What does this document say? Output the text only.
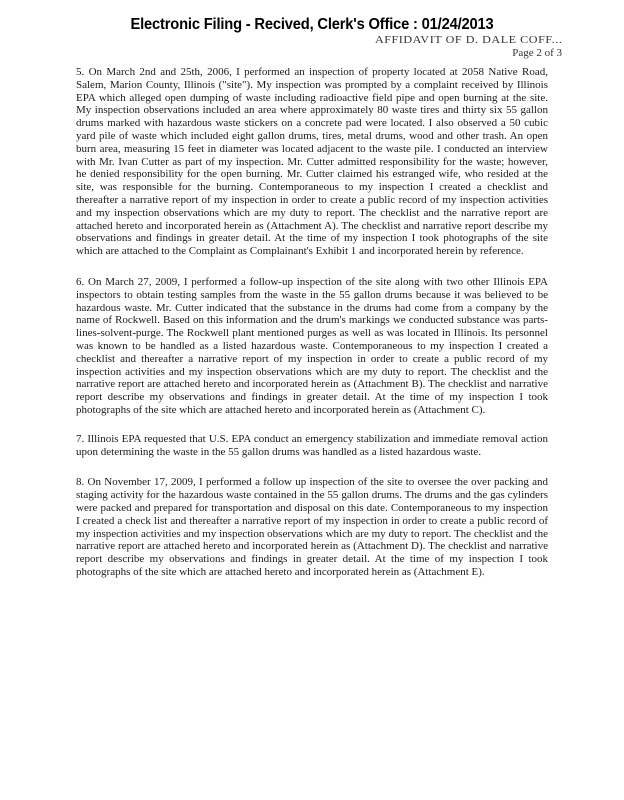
Electronic Filing - Recived, Clerk's Office : 01/24/2013
AFFIDAVIT OF D. DALE COFF...
Page 2 of 3

5. On March 2nd and 25th, 2006, I performed an inspection of property located at 2058 Native Road, Salem, Marion County, Illinois ("site"). My inspection was prompted by a complaint received by Illinois EPA which alleged open dumping of waste including radioactive field pipe and open burning at the site. My inspection observations included an area where approximately 80 waste tires and thirty six 55 gallon drums marked with hazardous waste stickers on a concrete pad were located. I also observed a 50 cubic yard pile of waste which included eight gallon drums, tires, metal drums, wood and other trash. An open burn area, measuring 15 feet in diameter was located adjacent to the waste pile. I conducted an interview with Mr. Ivan Cutter as part of my inspection. Mr. Cutter admitted responsibility for the waste; however, he denied responsibility for the open burning. Mr. Cutter claimed his estranged wife, who resided at the site, was responsible for the burning. Contemporaneous to my inspection I created a checklist and thereafter a narrative report of my inspection in order to create a public record of my inspection activities and my inspection observations which are my duty to report. The checklist and the narrative report are attached hereto and incorporated herein as (Attachment A). The checklist and narrative report describe my observations and findings in greater detail. At the time of my inspection I took photographs of the site which are attached to the Complaint as Complainant's Exhibit 1 and incorporated herein by reference.

6. On March 27, 2009, I performed a follow-up inspection of the site along with two other Illinois EPA inspectors to obtain testing samples from the waste in the 55 gallon drums because it was believed to be hazardous waste. Mr. Cutter indicated that the substance in the drums had come from a company by the name of Rockwell. Based on this information and the drum's markings we conducted substance was parts-lines-solvent-purge. The Rockwell plant mentioned purges as well as was located in Illinois. Its personnel was known to be handled as a listed hazardous waste. Contemporaneous to my inspection I created a checklist and thereafter a narrative report of my inspection in order to create a public record of my inspection activities and my inspection observations which are my duty to report. The checklist and the narrative report are attached hereto and incorporated herein as (Attachment B). The checklist and narrative report describe my observations and findings in greater detail. At the time of my inspection I took photographs of the site which are attached hereto and incorporated herein as (Attachment C).

7. Illinois EPA requested that U.S. EPA conduct an emergency stabilization and immediate removal action upon determining the waste in the 55 gallon drums was handled as a listed hazardous waste.

8. On November 17, 2009, I performed a follow up inspection of the site to oversee the over packing and staging activity for the hazardous waste contained in the 55 gallon drums. The drums and the gas cylinders were packed and prepared for transportation and disposal on this date. Contemporaneous to my inspection I created a check list and thereafter a narrative report of my inspection in order to create a public record of my inspection activities and my inspection observations which are my duty to report. The checklist and the narrative report are attached hereto and incorporated herein as (Attachment D). The checklist and narrative report describe my observations and findings in greater detail. At the time of my inspection I took photographs of the site which are attached hereto and incorporated herein as (Attachment E).
